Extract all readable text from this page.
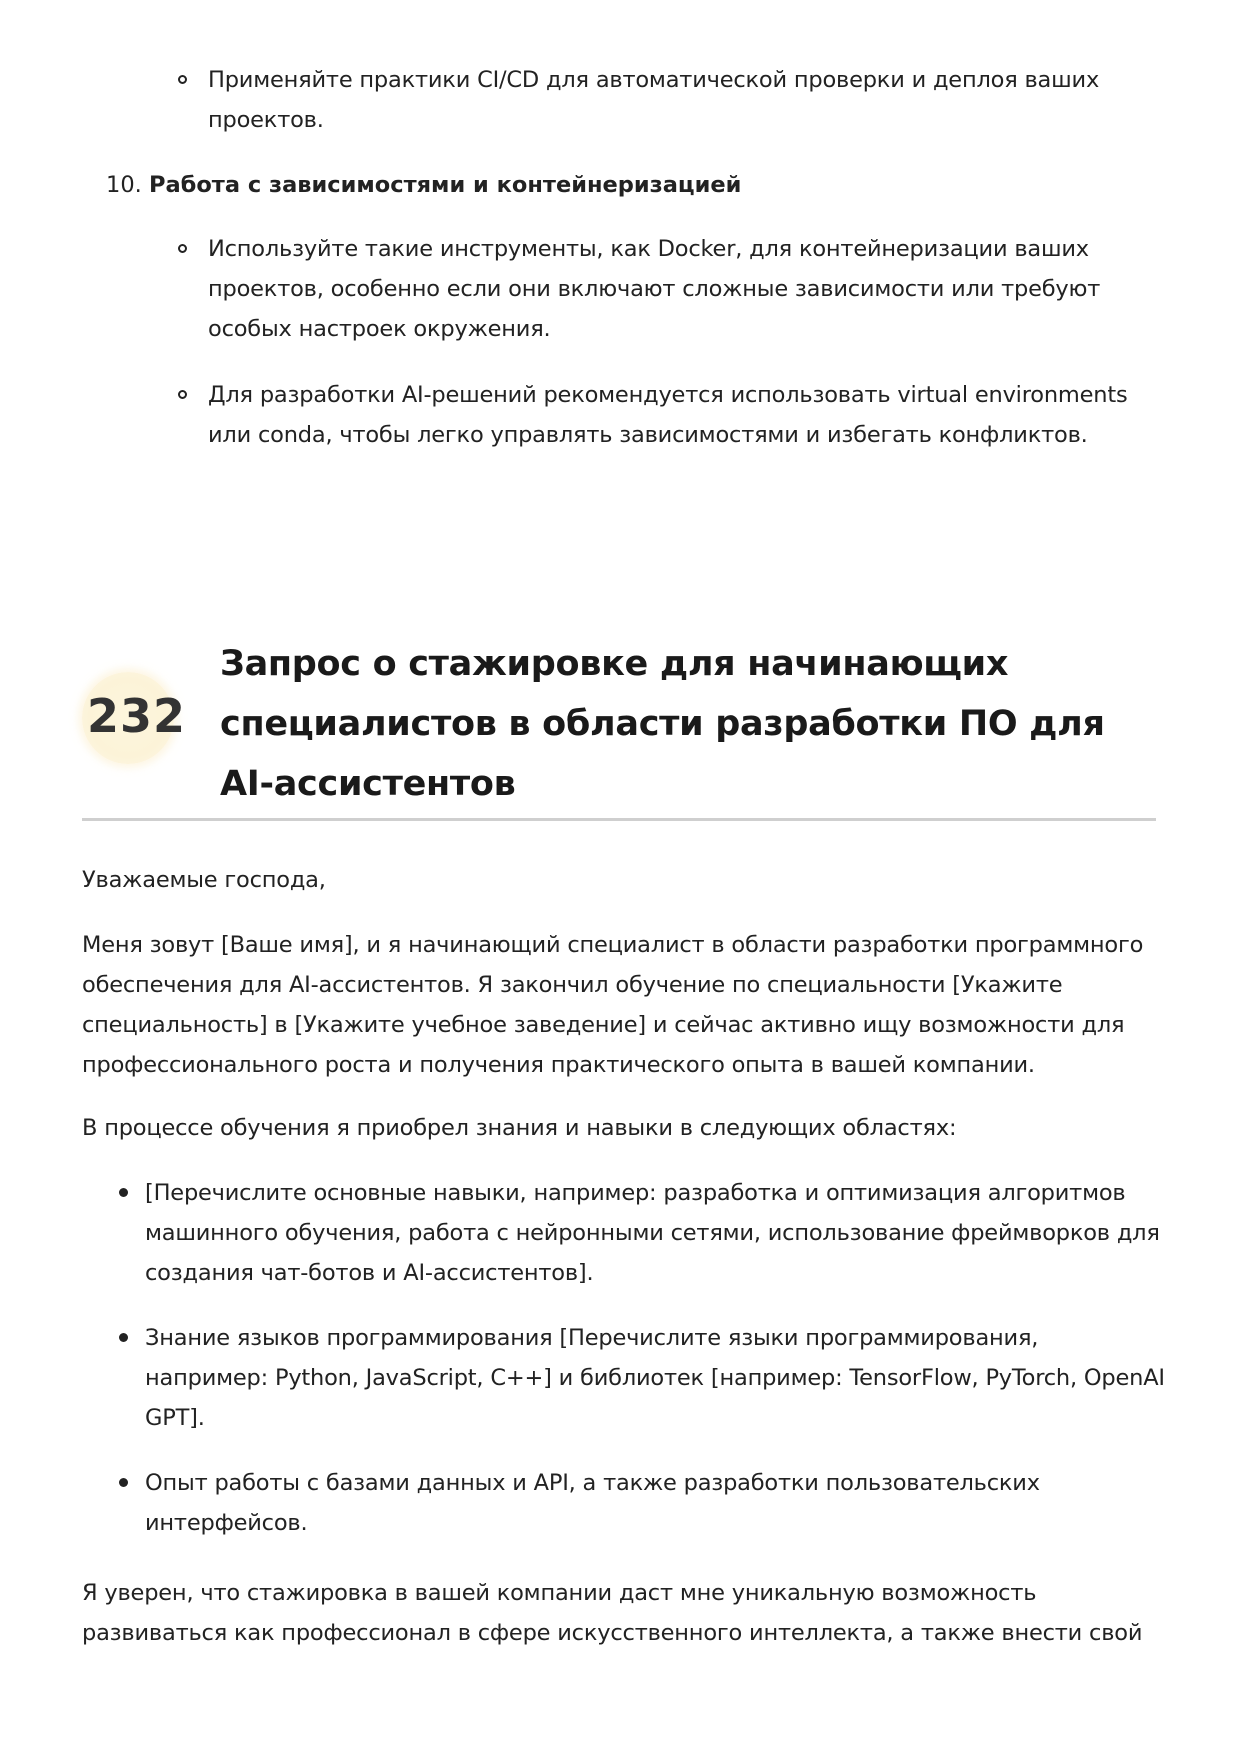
Применяйте практики CI/CD для автоматической проверки и деплоя ваших проектов.
10. Работа с зависимостями и контейнеризацией
Используйте такие инструменты, как Docker, для контейнеризации ваших проектов, особенно если они включают сложные зависимости или требуют особых настроек окружения.
Для разработки AI-решений рекомендуется использовать virtual environments или conda, чтобы легко управлять зависимостями и избегать конфликтов.
232
Запрос о стажировке для начинающих специалистов в области разработки ПО для AI-ассистентов
Уважаемые господа,
Меня зовут [Ваше имя], и я начинающий специалист в области разработки программного обеспечения для AI-ассистентов. Я закончил обучение по специальности [Укажите специальность] в [Укажите учебное заведение] и сейчас активно ищу возможности для профессионального роста и получения практического опыта в вашей компании.
В процессе обучения я приобрел знания и навыки в следующих областях:
[Перечислите основные навыки, например: разработка и оптимизация алгоритмов машинного обучения, работа с нейронными сетями, использование фреймворков для создания чат-ботов и AI-ассистентов].
Знание языков программирования [Перечислите языки программирования, например: Python, JavaScript, C++] и библиотек [например: TensorFlow, PyTorch, OpenAI GPT].
Опыт работы с базами данных и API, а также разработки пользовательских интерфейсов.
Я уверен, что стажировка в вашей компании даст мне уникальную возможность развиваться как профессионал в сфере искусственного интеллекта, а также внести свой
